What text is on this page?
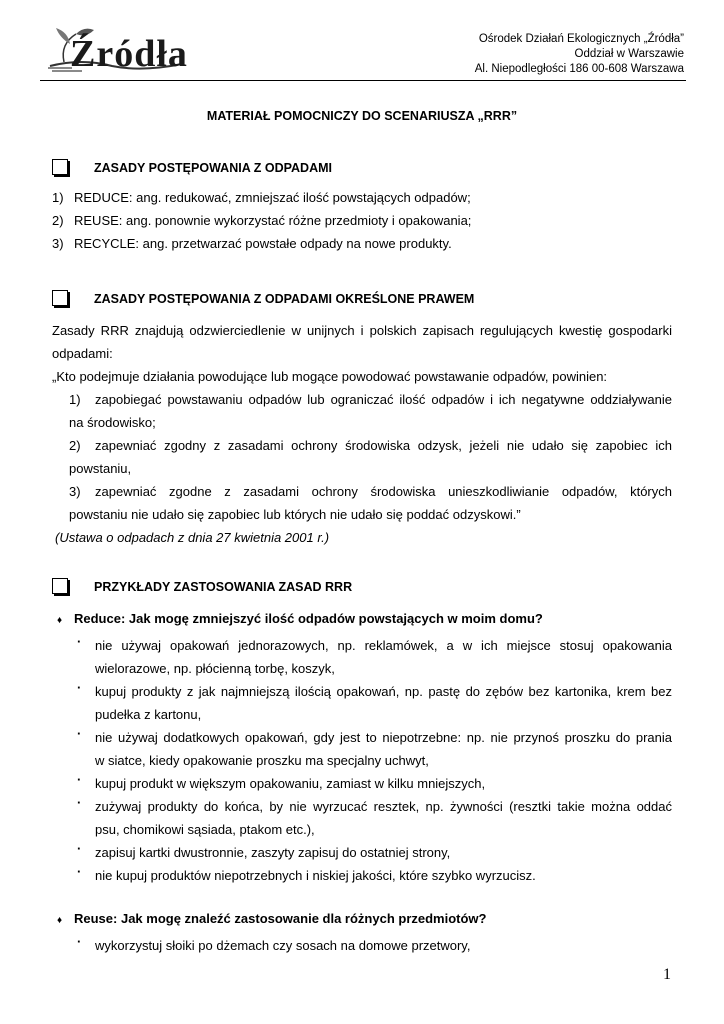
Źródła	Ośrodek Działań Ekologicznych „Źródła”
Oddział w Warszawie
Al. Niepodległości 186 00-608 Warszawa
MATERIAŁ POMOCNICZY DO SCENARIUSZA „RRR”
ZASADY POSTĘPOWANIA Z ODPADAMI
1) REDUCE: ang. redukować, zmniejszać ilość powstających odpadów;
2) REUSE: ang. ponownie wykorzystać różne przedmioty i opakowania;
3) RECYCLE: ang. przetwarzać powstałe odpady na nowe produkty.
ZASADY POSTĘPOWANIA Z ODPADAMI OKREŚLONE PRAWEM
Zasady RRR znajdują odzwierciedlenie w unijnych i polskich zapisach regulujących kwestię gospodarki
odpadami:
„Kto podejmuje działania powodujące lub mogące powodować powstawanie odpadów, powinien:
1) zapobiegać powstawaniu odpadów lub ograniczać ilość odpadów i ich negatywne oddziaływanie
na środowisko;
2) zapewniać zgodny z zasadami ochrony środowiska odzysk, jeżeli nie udało się zapobiec ich
powstaniu,
3) zapewniać zgodne z zasadami ochrony środowiska unieszkodliwianie odpadów, których
powstaniu nie udało się zapobiec lub których nie udało się poddać odzyskowi.”
(Ustawa o odpadach z dnia 27 kwietnia 2001 r.)
PRZYKŁADY ZASTOSOWANIA ZASAD RRR
♦ Reduce: Jak mogę zmniejszyć ilość odpadów powstających w moim domu?
· nie używaj opakowań jednorazowych, np. reklamówek, a w ich miejsce stosuj opakowania
wielorazowe, np. płócienną torbę, koszyk,
· kupuj produkty z jak najmniejszą ilością opakowań, np. pastę do zębów bez kartonika, krem bez
pudełka z kartonu,
· nie używaj dodatkowych opakowań, gdy jest to niepotrzebne: np. nie przynoś proszku do prania
w siatce, kiedy opakowanie proszku ma specjalny uchwyt,
· kupuj produkt w większym opakowaniu, zamiast w kilku mniejszych,
· zużywaj produkty do końca, by nie wyrzucać resztek, np. żywności (resztki takie można oddać
psu, chomikowi sąsiada, ptakom etc.),
· zapisuj kartki dwustronnie, zaszyty zapisuj do ostatniej strony,
· nie kupuj produktów niepotrzebnych i niskiej jakości, które szybko wyrzucisz.
♦ Reuse: Jak mogę znaleźć zastosowanie dla różnych przedmiotów?
· wykorzystuj słoiki po dżemach czy sosach na domowe przetwory,
1
